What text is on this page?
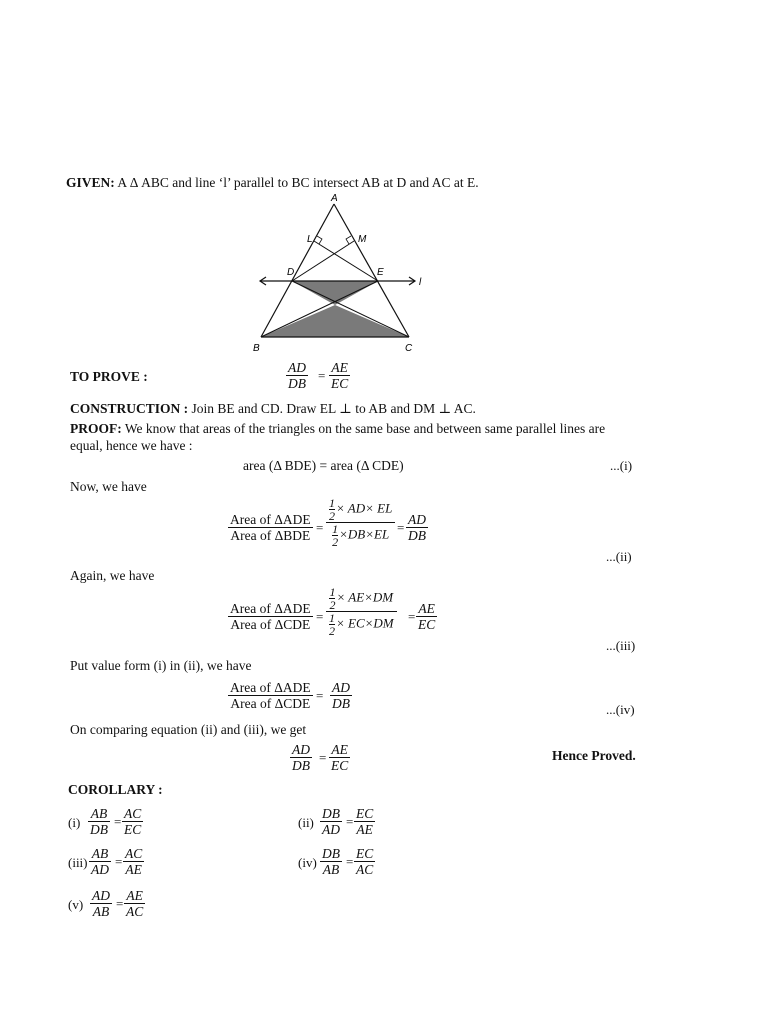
GIVEN: A Δ ABC and line ‘l’ parallel to BC intersect AB at D and AC at E.
A
B	C
D	E
L	M
l
TO PROVE :	$\frac{AD}{DB} = \frac{AE}{EC}$
CONSTRUCTION : Join BE and CD. Draw EL ⊥ to AB and DM ⊥ AC.
PROOF: We know that areas of the triangles on the same base and between same parallel lines are
equal, hence we have :
area (Δ BDE) = area (Δ CDE)	...(i)
Now, we have
Area of ΔADE
Area of ΔBDE
= $\frac{\frac{1}{2} \times AD\times EL}{\frac{1}{2} \times DB\times EL} = \frac{AD}{DB}$
...(ii)
Again, we have
Area of ΔADE
Area of ΔCDE
= $\frac{\frac{1}{2} \times AE\times DM}{\frac{1}{2} \times EC\times DM} = \frac{AE}{EC}$
...(iii)
Put value form (i) in (ii), we have
Area of ΔADE
Area of ΔCDE
= $\frac{AD}{DB}$	...(iv)
On comparing equation (ii) and (iii), we get
$\frac{AD}{DB} = \frac{AE}{EC}$	Hence Proved.
COROLLARY :
$(i) \frac{AB}{DB} = \frac{AC}{EC}$	$(ii) \frac{DB}{AD} = \frac{EC}{AE}$
$(iii) \frac{AB}{AD} = \frac{AC}{AE}$	$(iv) \frac{DB}{AB} = \frac{EC}{AC}$
$(v) \frac{AD}{AB} = \frac{AE}{AC}$
